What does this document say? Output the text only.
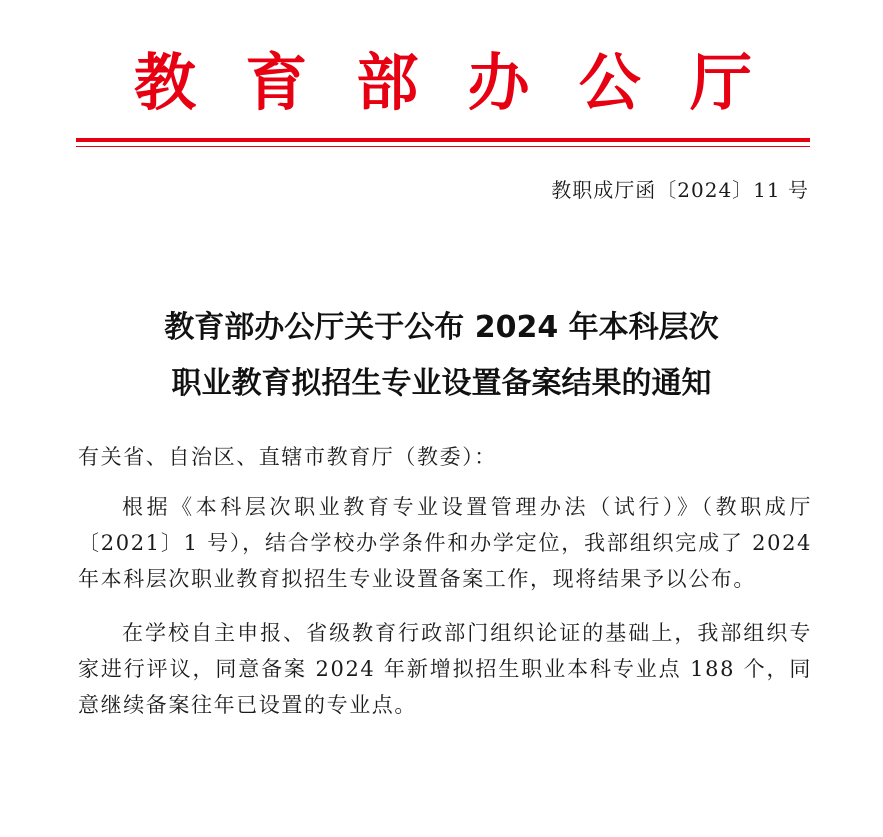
教 育 部 办 公 厅
教职成厅函〔2024〕11 号
教育部办公厅关于公布 2024 年本科层次
职业教育拟招生专业设置备案结果的通知

有关省、自治区、直辖市教育厅（教委）：

根据《本科层次职业教育专业设置管理办法（试行）》（教职成厅〔2021〕1 号），结合学校办学条件和办学定位，我部组织完成了 2024 年本科层次职业教育拟招生专业设置备案工作，现将结果予以公布。

在学校自主申报、省级教育行政部门组织论证的基础上，我部组织专家进行评议，同意备案 2024 年新增拟招生职业本科专业点 188 个，同意继续备案往年已设置的专业点。
